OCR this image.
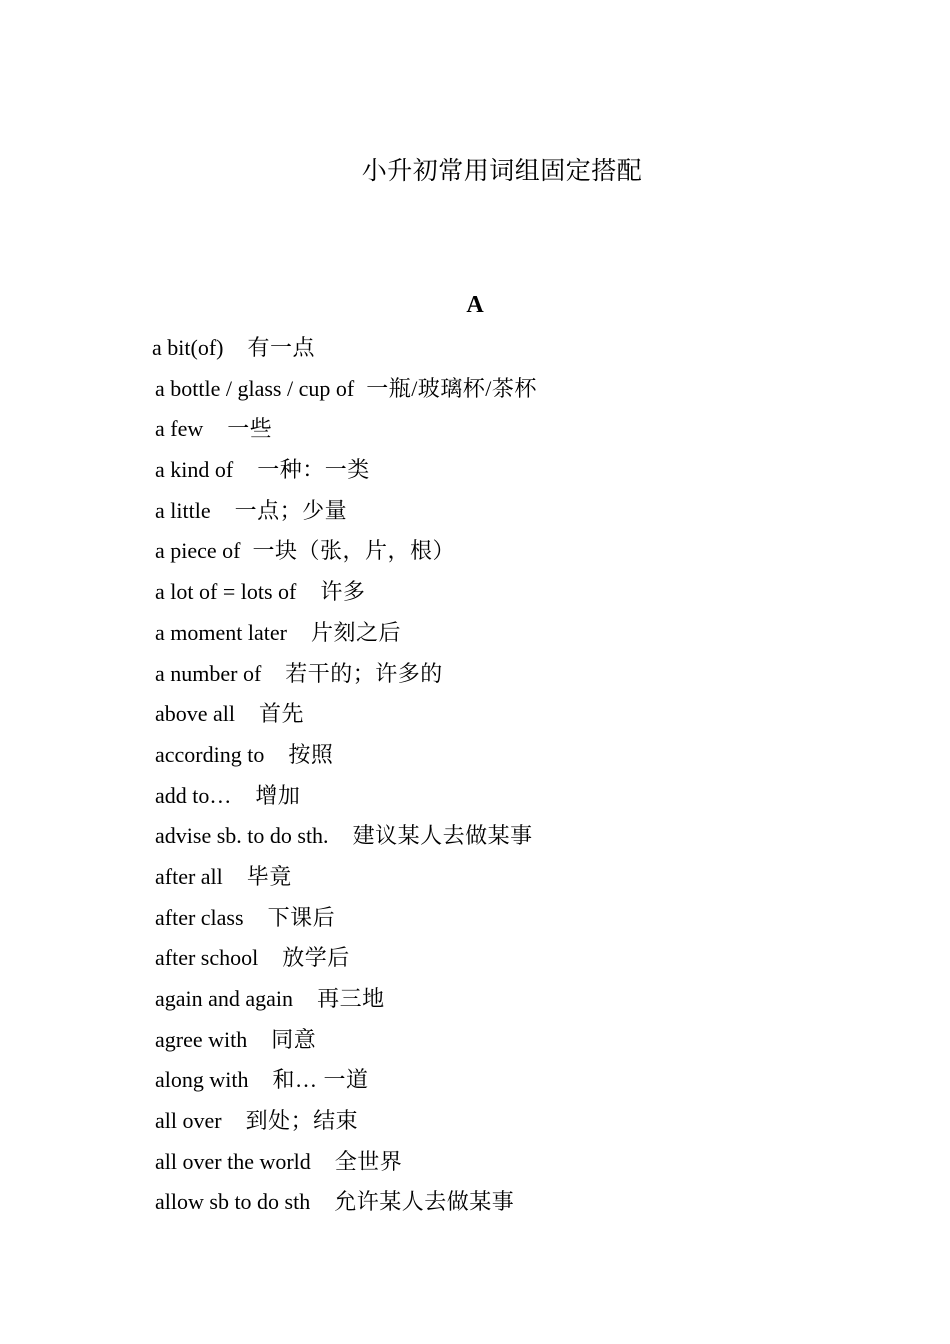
小升初常用词组固定搭配
A
a bit(of) 有一点
a bottle / glass / cup of 一瓶/玻璃杯/茶杯
a few 一些
a kind of 一种：一类
a little 一点；少量
a piece of 一块（张，片，根）
a lot of = lots of 许多
a moment later 片刻之后
a number of 若干的；许多的
above all 首先
according to 按照
add to… 增加
advise sb. to do sth. 建议某人去做某事
after all 毕竟
after class 下课后
after school 放学后
again and again 再三地
agree with 同意
along with 和… 一道
all over 到处；结束
all over the world 全世界
allow sb to do sth 允许某人去做某事
